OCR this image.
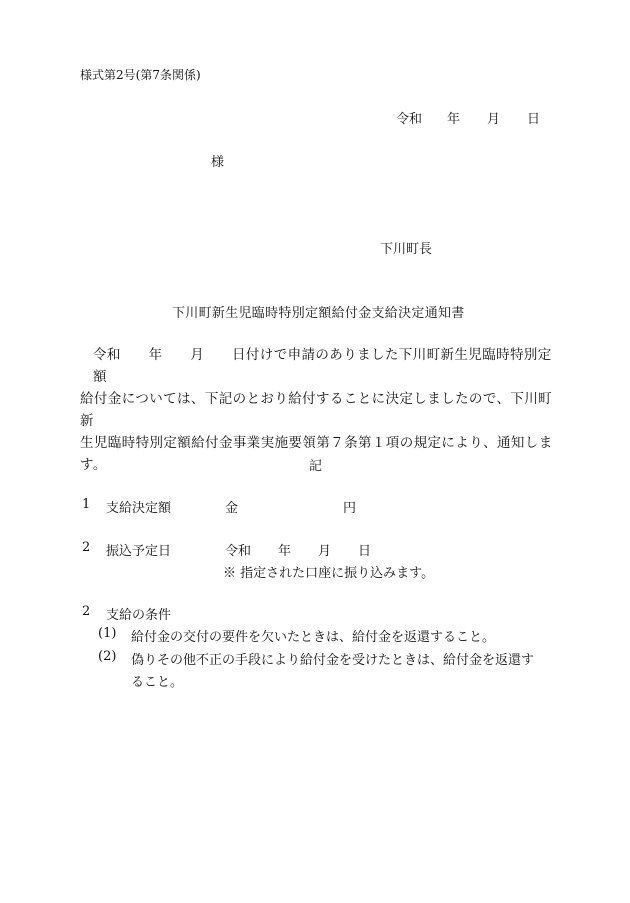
様式第2号(第7条関係)
令和 年 月 日
様
下川町長
下川町新生児臨時特別定額給付金支給決定通知書
令和　　年　　月　　日付けで申請のありました下川町新生児臨時特別定額
給付金については、下記のとおり給付することに決定しましたので、下川町新
生児臨時特別定額給付金事業実施要領第７条第１項の規定により、通知しま
す。	記
1 支給決定額	金	円
2 振込予定日	令和 年 月 日
※ 指定された口座に振り込みます。
2 支給の条件
(1) 給付金の交付の要件を欠いたときは、給付金を返還すること。
(2) 偽りその他不正の手段により給付金を受けたときは、給付金を返還す
ること。
